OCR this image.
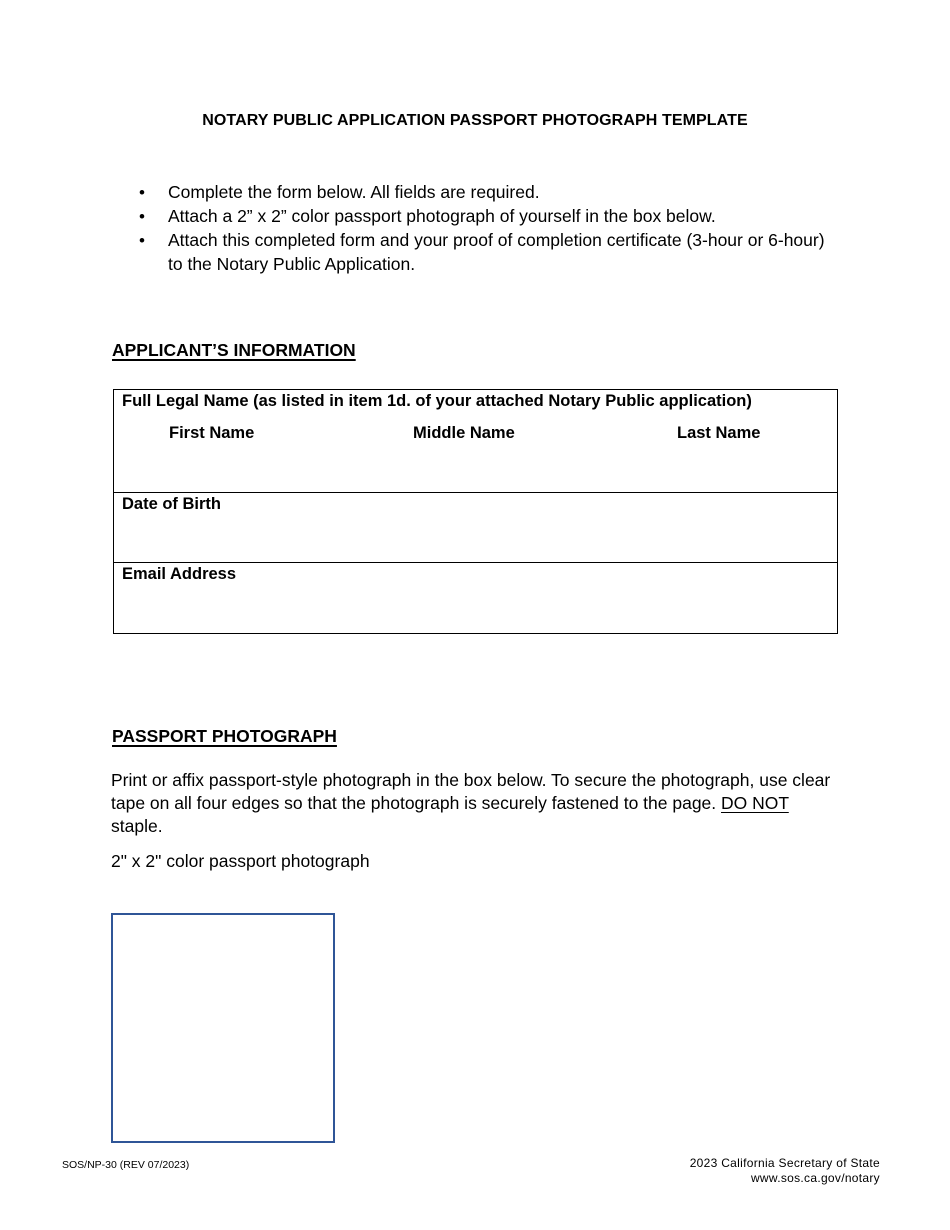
NOTARY PUBLIC APPLICATION PASSPORT PHOTOGRAPH TEMPLATE
• Complete the form below. All fields are required.
• Attach a 2” x 2” color passport photograph of yourself in the box below.
• Attach this completed form and your proof of completion certificate (3-hour or 6-hour) to the Notary Public Application.
APPLICANT’S INFORMATION
Full Legal Name (as listed in item 1d. of your attached Notary Public application)
First Name	Middle Name	Last Name
Date of Birth
Email Address
PASSPORT PHOTOGRAPH
Print or affix passport-style photograph in the box below. To secure the photograph, use clear tape on all four edges so that the photograph is securely fastened to the page. DO NOT staple.
2" x 2" color passport photograph
SOS/NP-30 (REV 07/2023)	2023 California Secretary of State
www.sos.ca.gov/notary
